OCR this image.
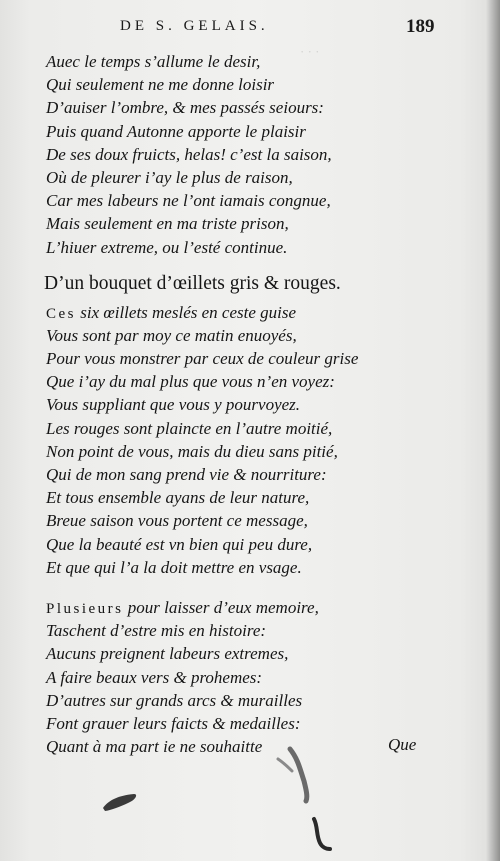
· · ·
DE S. GELAIS.	189
Auec le temps s’allume le desir,
Qui seulement ne me donne loisir
D’auiser l’ombre, & mes passés seiours:
Puis quand Autonne apporte le plaisir
De ses doux fruicts, helas! c’est la saison,
Où de pleurer i’ay le plus de raison,
Car mes labeurs ne l’ont iamais congnue,
Mais seulement en ma triste prison,
L’hiuer extreme, ou l’esté continue.
D’un bouquet d’œillets gris & rouges.
Ces six œillets meslés en ceste guise
Vous sont par moy ce matin enuoyés,
Pour vous monstrer par ceux de couleur grise
Que i’ay du mal plus que vous n’en voyez:
Vous suppliant que vous y pourvoyez.
Les rouges sont plaincte en l’autre moitié,
Non point de vous, mais du dieu sans pitié,
Qui de mon sang prend vie & nourriture:
Et tous ensemble ayans de leur nature,
Breue saison vous portent ce message,
Que la beauté est vn bien qui peu dure,
Et que qui l’a la doit mettre en vsage.
Plusieurs pour laisser d’eux memoire,
Taschent d’estre mis en histoire:
Aucuns preignent labeurs extremes,
A faire beaux vers & prohemes:
D’autres sur grands arcs & murailles
Font grauer leurs faicts & medailles:
Quant à ma part ie ne souhaitte	Que
